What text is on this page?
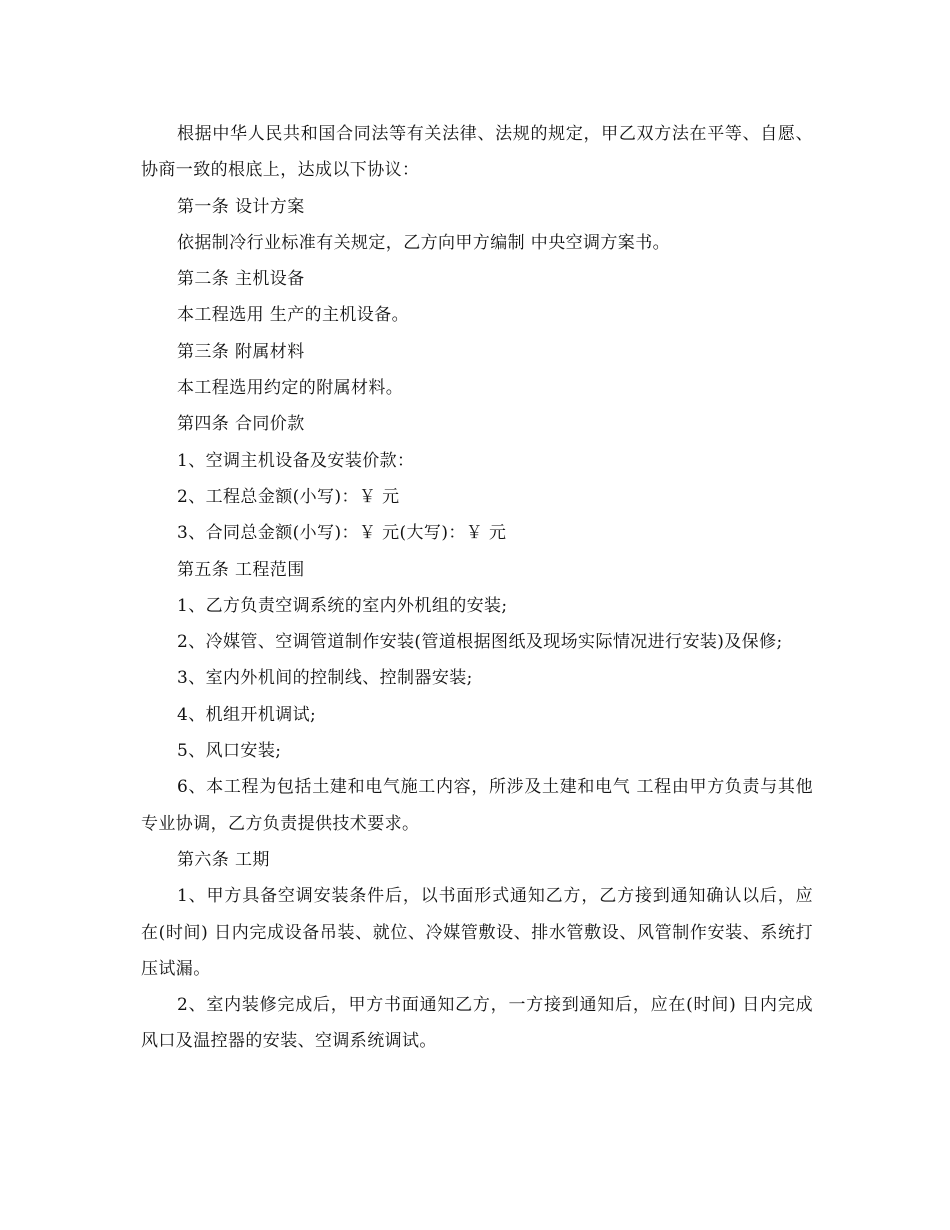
根据中华人民共和国合同法等有关法律、法规的规定，甲乙双方法在平等、自愿、协商一致的根底上，达成以下协议：

第一条 设计方案

依据制冷行业标准有关规定，乙方向甲方编制 中央空调方案书。

第二条 主机设备

本工程选用 生产的主机设备。

第三条 附属材料

本工程选用约定的附属材料。

第四条 合同价款

1、空调主机设备及安装价款：

2、工程总金额(小写)：￥ 元

3、合同总金额(小写)：￥ 元(大写)：￥ 元

第五条 工程范围

1、乙方负责空调系统的室内外机组的安装;

2、冷媒管、空调管道制作安装(管道根据图纸及现场实际情况进行安装)及保修;

3、室内外机间的控制线、控制器安装;

4、机组开机调试;

5、风口安装;

6、本工程为包括土建和电气施工内容，所涉及土建和电气 工程由甲方负责与其他专业协调，乙方负责提供技术要求。

第六条 工期

1、甲方具备空调安装条件后，以书面形式通知乙方，乙方接到通知确认以后，应在(时间) 日内完成设备吊装、就位、冷媒管敷设、排水管敷设、风管制作安装、系统打压试漏。

2、室内装修完成后，甲方书面通知乙方，一方接到通知后，应在(时间) 日内完成风口及温控器的安装、空调系统调试。
